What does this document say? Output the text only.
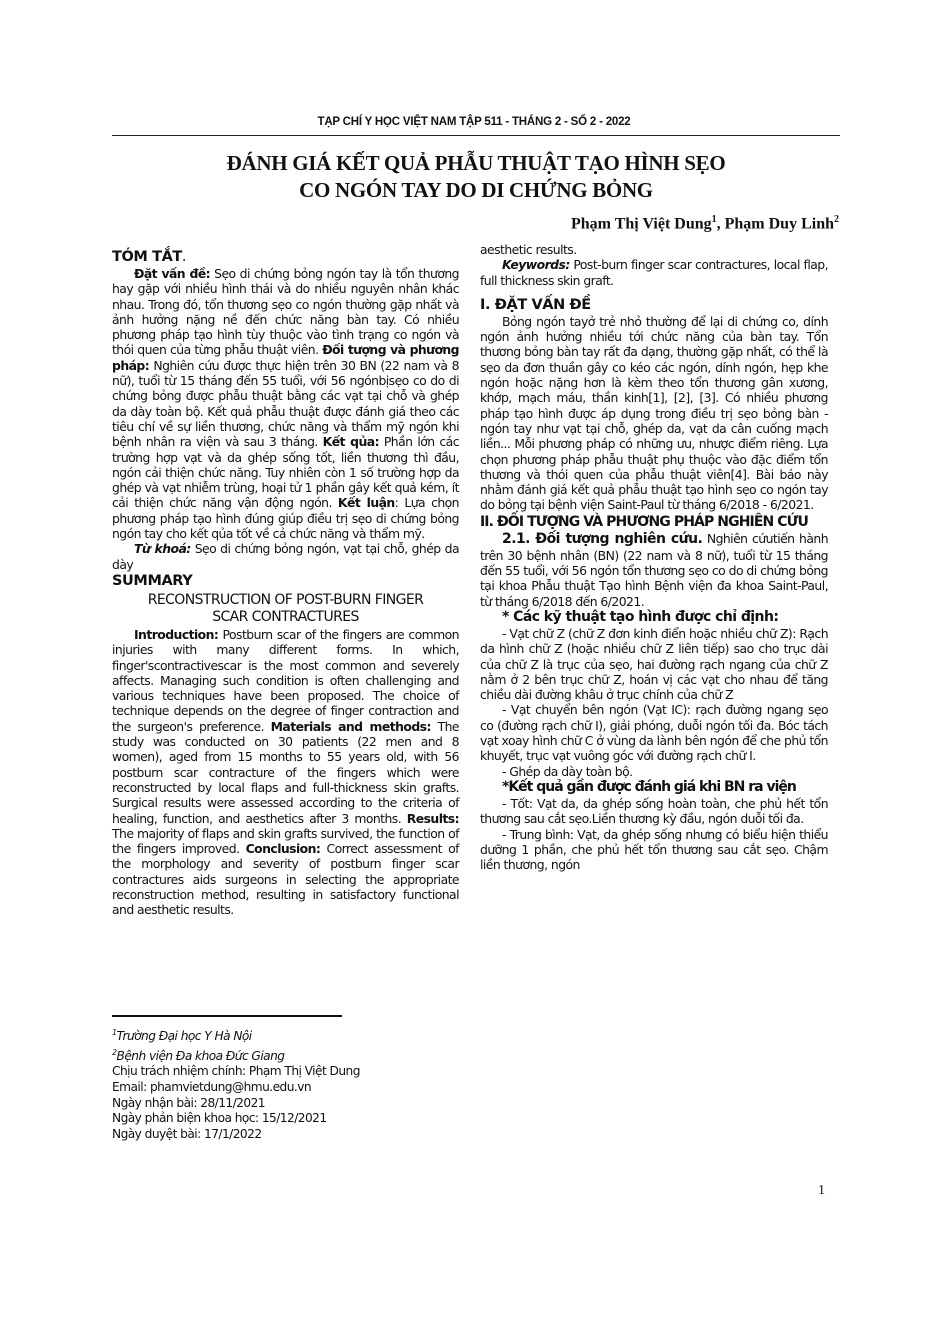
TẠP CHÍ Y HỌC VIỆT NAM TẬP 511 - THÁNG 2 - SỐ 2 - 2022
ĐÁNH GIÁ KẾT QUẢ PHẪU THUẬT TẠO HÌNH SẸO
CO NGÓN TAY DO DI CHỨNG BỎNG
Phạm Thị Việt Dung$^1$, Phạm Duy Linh$^2$

TÓM TẮT.

Đặt vấn đề: Sẹo di chứng bỏng ngón tay là tổn thương hay gặp với nhiều hình thái và do nhiều nguyên nhân khác nhau. Trong đó, tổn thương sẹo co ngón thường gặp nhất và ảnh hưởng nặng nề đến chức năng bàn tay. Có nhiều phương pháp tạo hình tùy thuộc vào tình trạng co ngón và thói quen của từng phẫu thuật viên. Đối tượng và phương pháp: Nghiên cứu được thực hiện trên 30 BN (22 nam và 8 nữ), tuổi từ 15 tháng đến 55 tuổi, với 56 ngónbịsẹo co do di chứng bỏng được phẫu thuật bằng các vạt tại chỗ và ghép da dày toàn bộ. Kết quả phẫu thuật được đánh giá theo các tiêu chí về sự liền thương, chức năng và thẩm mỹ ngón khi bệnh nhân ra viện và sau 3 tháng. Kết qủa: Phần lớn các trường hợp vạt và da ghép sống tốt, liền thương thì đầu, ngón cải thiện chức năng. Tuy nhiên còn 1 số trường hợp da ghép và vạt nhiễm trùng, hoại tử 1 phần gây kết quả kém, ít cải thiện chức năng vận động ngón. Kết luận: Lựa chọn phương pháp tạo hình đúng giúp điều trị sẹo di chứng bỏng ngón tay cho kết qủa tốt về cả chức năng và thẩm mỹ.

Từ khoá: Sẹo di chứng bỏng ngón, vạt tại chỗ, ghép da dày

SUMMARY

RECONSTRUCTION OF POST-BURN FINGER
SCAR CONTRACTURES

Introduction: Postburn scar of the fingers are common injuries with many different forms. In which, finger'scontractivescar is the most common and severely affects. Managing such condition is often challenging and various techniques have been proposed. The choice of technique depends on the degree of finger contraction and the surgeon's preference. Materials and methods: The study was conducted on 30 patients (22 men and 8 women), aged from 15 months to 55 years old, with 56 postburn scar contracture of the fingers which were reconstructed by local flaps and full-thickness skin grafts. Surgical results were assessed according to the criteria of healing, function, and aesthetics after 3 months. Results: The majority of flaps and skin grafts survived, the function of the fingers improved. Conclusion: Correct assessment of the morphology and severity of postburn finger scar contractures aids surgeons in selecting the appropriate reconstruction method, resulting in satisfactory functional and aesthetic results.

aesthetic results.

Keywords: Post-burn finger scar contractures, local flap, full thickness skin graft.

I. ĐẶT VẤN ĐỀ

Bỏng ngón tayở trẻ nhỏ thường để lại di chứng co, dính ngón ảnh hưởng nhiều tới chức năng của bàn tay. Tổn thương bỏng bàn tay rất đa dạng, thường gặp nhất, có thể là sẹo da đơn thuần gây co kéo các ngón, dính ngón, hẹp khe ngón hoặc nặng hơn là kèm theo tổn thương gân xương, khớp, mạch máu, thần kinh[1], [2], [3]. Có nhiều phương pháp tạo hình được áp dụng trong điều trị sẹo bỏng bàn - ngón tay như vạt tại chỗ, ghép da, vạt da cân cuống mạch liền... Mỗi phương pháp có những ưu, nhược điểm riêng. Lựa chọn phương pháp phẫu thuật phụ thuộc vào đặc điểm tổn thương và thói quen của phẫu thuật viên[4]. Bài báo này nhằm đánh giá kết quả phẫu thuật tạo hình sẹo co ngón tay do bỏng tại bệnh viện Saint-Paul từ tháng 6/2018 - 6/2021.

II. ĐỐI TƯỢNG VÀ PHƯƠNG PHÁP NGHIÊN CỨU

2.1. Đối tượng nghiên cứu. Nghiên cứutiến hành trên 30 bệnh nhân (BN) (22 nam và 8 nữ), tuổi từ 15 tháng đến 55 tuổi, với 56 ngón tổn thương sẹo co do di chứng bỏng tại khoa Phẫu thuật Tạo hình Bệnh viện đa khoa Saint-Paul, từ tháng 6/2018 đến 6/2021.

* Các kỹ thuật tạo hình được chỉ định:

- Vạt chữ Z (chữ Z đơn kinh điển hoặc nhiều chữ Z): Rạch da hình chữ Z (hoặc nhiều chữ Z liên tiếp) sao cho trục dài của chữ Z là trục của sẹo, hai đường rạch ngang của chữ Z nằm ở 2 bên trục chữ Z, hoán vị các vạt cho nhau để tăng chiều dài đường khâu ở trục chính của chữ Z

- Vạt chuyển bên ngón (Vạt IC): rạch đường ngang sẹo co (đường rạch chữ I), giải phóng, duỗi ngón tối đa. Bóc tách vạt xoay hình chữ C ở vùng da lành bên ngón để che phủ tổn khuyết, trục vạt vuông góc với đường rạch chữ I.

- Ghép da dày toàn bộ.

*Kết quả gần được đánh giá khi BN ra viện

- Tốt: Vạt da, da ghép sống hoàn toàn, che phủ hết tổn thương sau cắt sẹo.Liền thương kỳ đầu, ngón duỗi tối đa.

- Trung bình: Vạt, da ghép sống nhưng có biểu hiện thiểu dưỡng 1 phần, che phủ hết tổn thương sau cắt sẹo. Chậm liền thương, ngón

$^1$Trường Đại học Y Hà Nội

$^2$Bệnh viện Đa khoa Đức Giang

Chịu trách nhiệm chính: Phạm Thị Việt Dung

Email: phamvietdung@hmu.edu.vn

Ngày nhận bài: 28/11/2021

Ngày phản biện khoa học: 15/12/2021

Ngày duyệt bài: 17/1/2022

1
